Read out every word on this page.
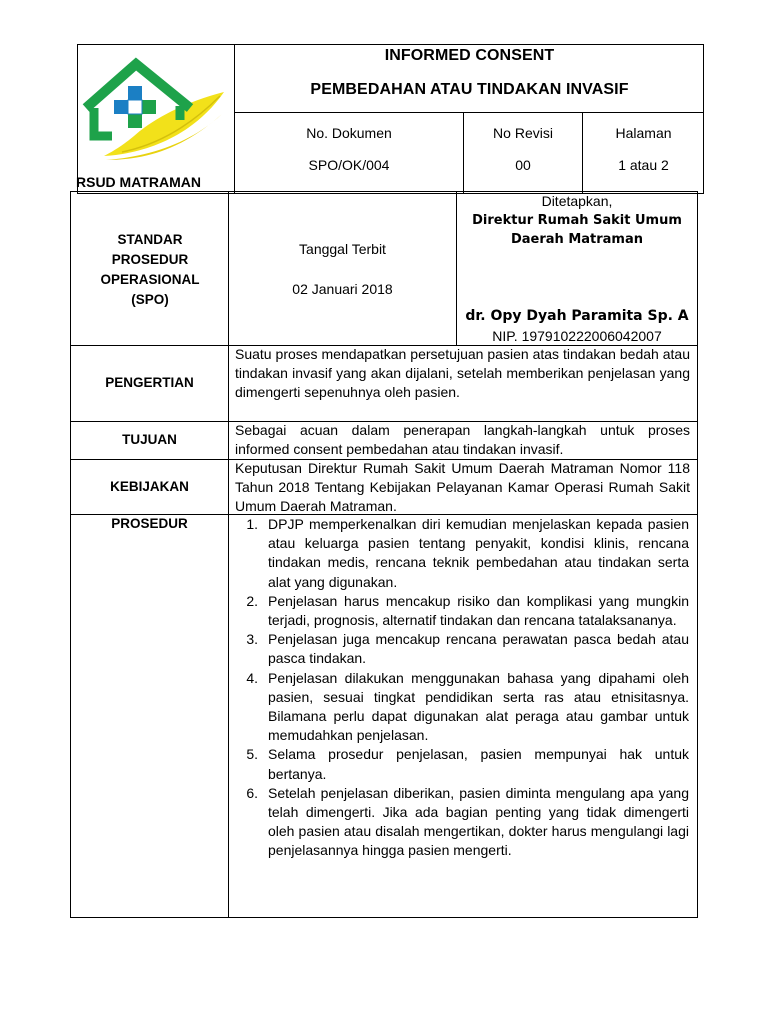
RSUD MATRAMAN
INFORMED CONSENT
PEMBEDAHAN ATAU TINDAKAN INVASIF
No. Dokumen
SPO/OK/004
No Revisi
00
Halaman
1 atau 2
STANDAR PROSEDUR OPERASIONAL (SPO)
Tanggal Terbit
02 Januari 2018
Ditetapkan,
Direktur Rumah Sakit Umum Daerah Matraman
dr. Opy Dyah Paramita Sp. A
NIP. 197910222006042007
PENGERTIAN
Suatu proses mendapatkan persetujuan pasien atas tindakan bedah atau tindakan invasif yang akan dijalani, setelah memberikan penjelasan yang dimengerti sepenuhnya oleh pasien.
TUJUAN
Sebagai acuan dalam penerapan langkah-langkah untuk proses informed consent pembedahan atau tindakan invasif.
KEBIJAKAN
Keputusan Direktur Rumah Sakit Umum Daerah Matraman Nomor 118 Tahun 2018 Tentang Kebijakan Pelayanan Kamar Operasi Rumah Sakit Umum Daerah Matraman.
PROSEDUR	1. DPJP memperkenalkan diri kemudian menjelaskan kepada pasien atau keluarga pasien tentang penyakit, kondisi klinis, rencana tindakan medis, rencana teknik pembedahan atau tindakan serta alat yang digunakan.
2. Penjelasan harus mencakup risiko dan komplikasi yang mungkin terjadi, prognosis, alternatif tindakan dan rencana tatalaksananya.
3. Penjelasan juga mencakup rencana perawatan pasca bedah atau pasca tindakan.
4. Penjelasan dilakukan menggunakan bahasa yang dipahami oleh pasien, sesuai tingkat pendidikan serta ras atau etnisitasnya. Bilamana perlu dapat digunakan alat peraga atau gambar untuk memudahkan penjelasan.
5. Selama prosedur penjelasan, pasien mempunyai hak untuk bertanya.
6. Setelah penjelasan diberikan, pasien diminta mengulang apa yang telah dimengerti. Jika ada bagian penting yang tidak dimengerti oleh pasien atau disalah mengertikan, dokter harus mengulangi lagi penjelasannya hingga pasien mengerti.
